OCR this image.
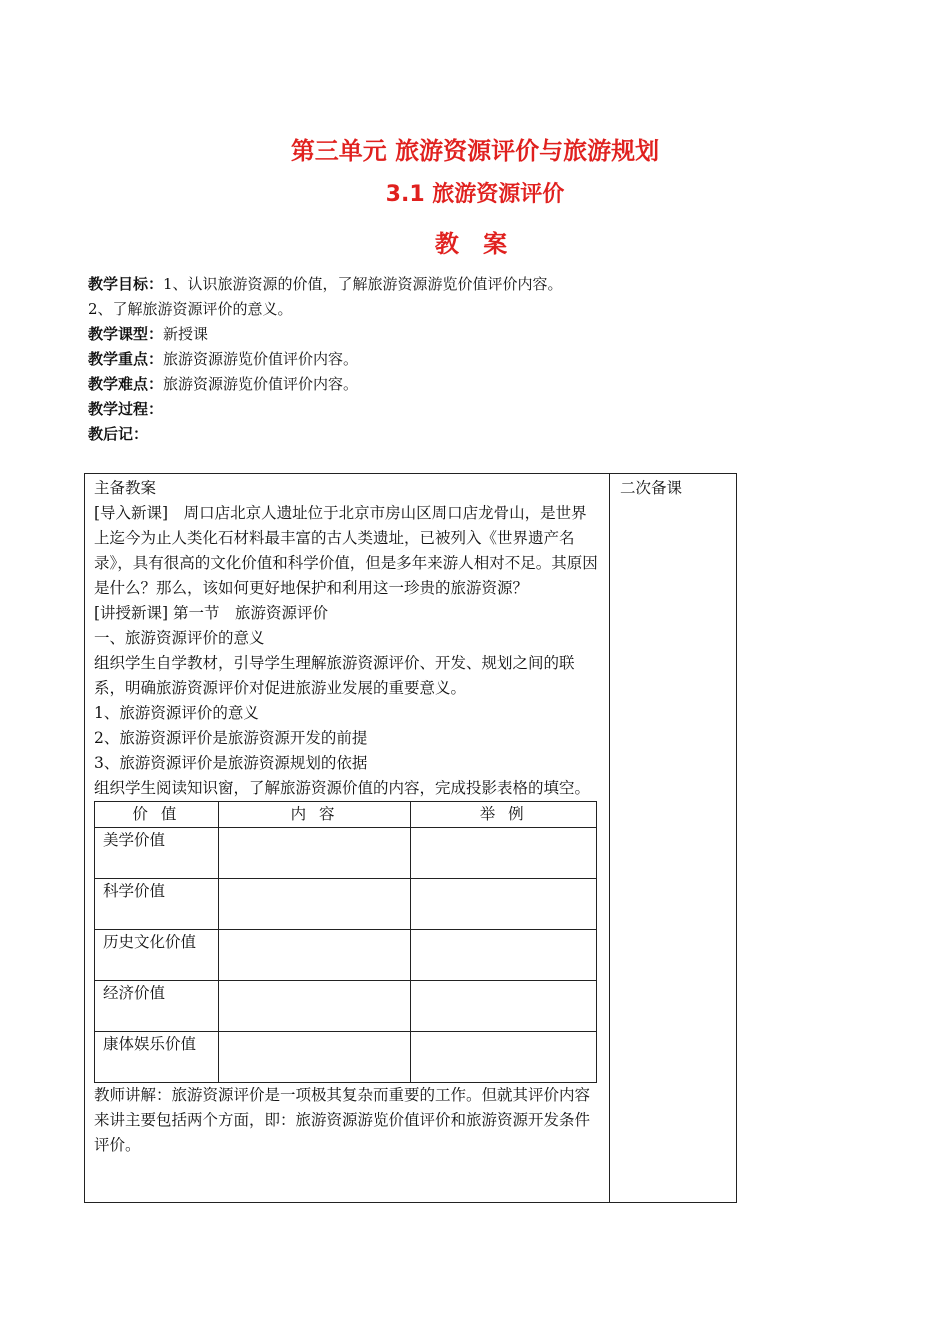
第三单元 旅游资源评价与旅游规划
3.1 旅游资源评价
教 案
教学目标：1、认识旅游资源的价值，了解旅游资源游览价值评价内容。
2、了解旅游资源评价的意义。
教学课型：新授课
教学重点：旅游资源游览价值评价内容。
教学难点：旅游资源游览价值评价内容。
教学过程：
教后记：

主备教案

[导入新课]　周口店北京人遗址位于北京市房山区周口店龙骨山，是世界上迄今为止人类化石材料最丰富的古人类遗址，已被列入《世界遗产名录》，具有很高的文化价值和科学价值，但是多年来游人相对不足。其原因是什么？那么，该如何更好地保护和利用这一珍贵的旅游资源？

[讲授新课] 第一节　旅游资源评价

一、旅游资源评价的意义

组织学生自学教材，引导学生理解旅游资源评价、开发、规划之间的联系，明确旅游资源评价对促进旅游业发展的重要意义。

1、旅游资源评价的意义

2、旅游资源评价是旅游资源开发的前提

3、旅游资源评价是旅游资源规划的依据

组织学生阅读知识窗，了解旅游资源价值的内容，完成投影表格的填空。

价 值	内 容	举 例
美学价值		
科学价值		
历史文化价值		
经济价值		
康体娱乐价值		

教师讲解：旅游资源评价是一项极其复杂而重要的工作。但就其评价内容来讲主要包括两个方面，即：旅游资源游览价值评价和旅游资源开发条件评价。

二次备课
